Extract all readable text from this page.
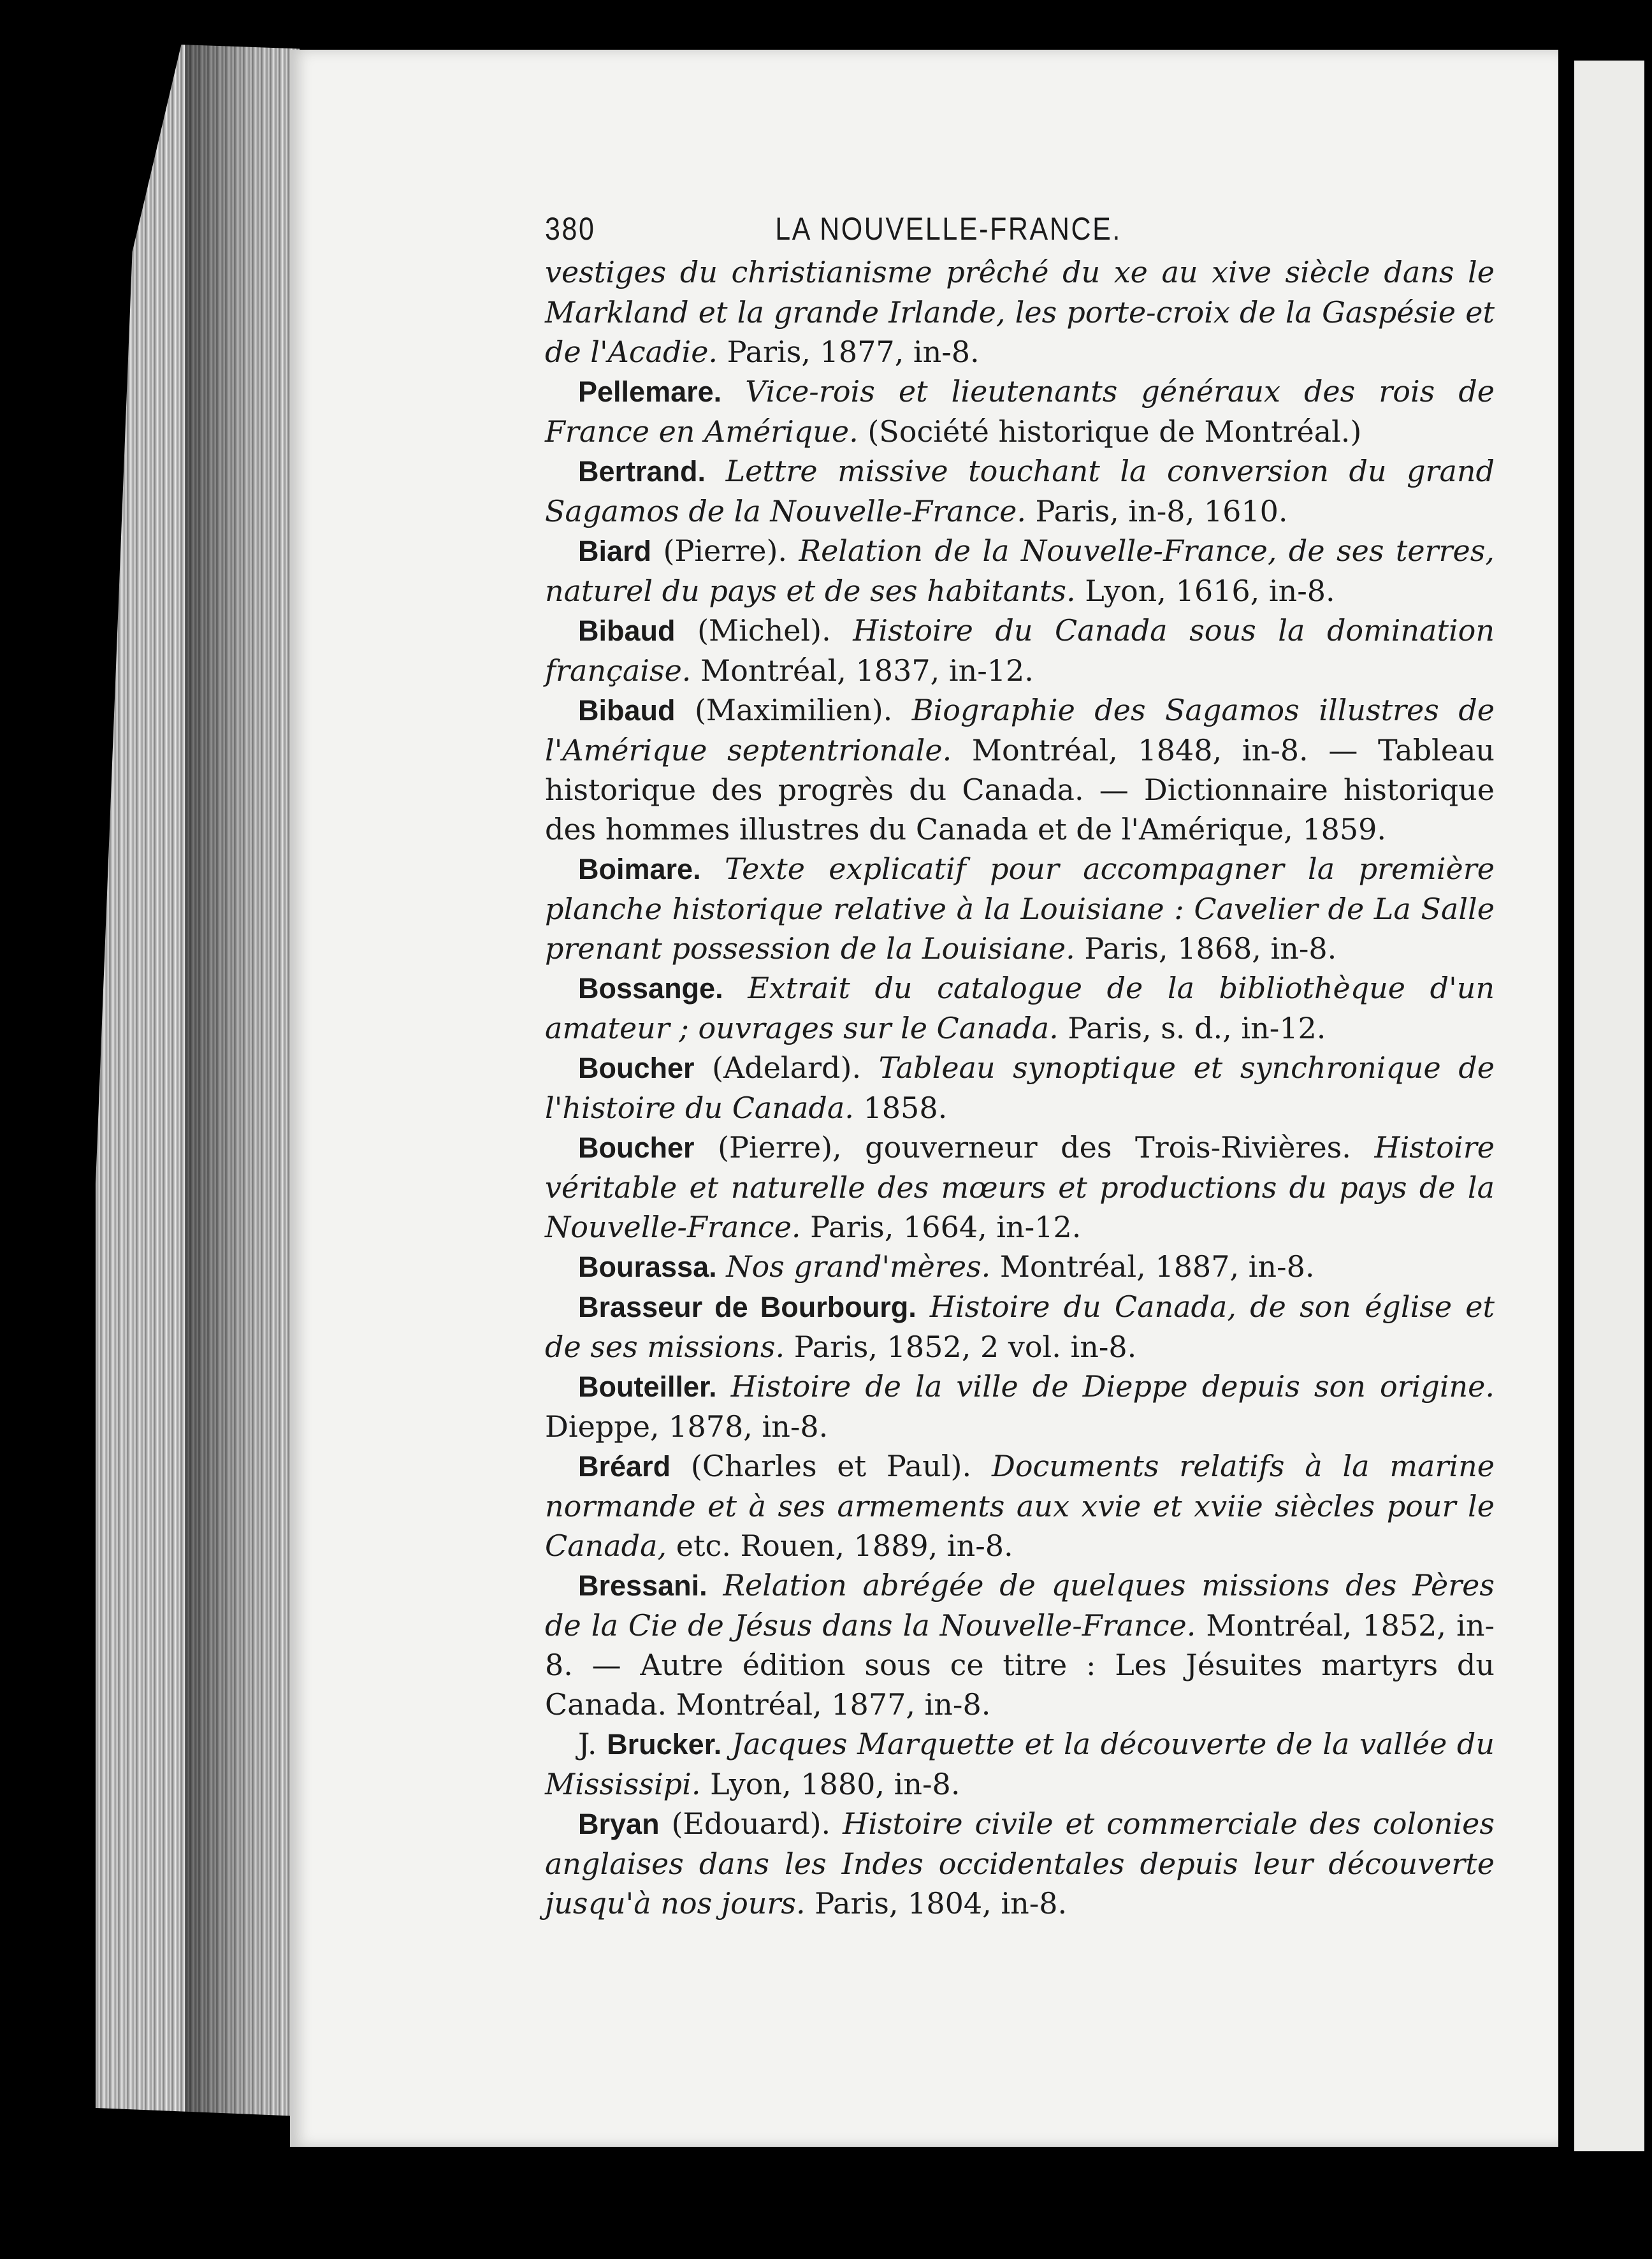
380	LA NOUVELLE-FRANCE.

vestiges du christianisme prêché du xe au xive siècle dans le Markland et la grande Irlande, les porte-croix de la Gaspésie et de l'Acadie. Paris, 1877, in-8.

Pellemare. Vice-rois et lieutenants généraux des rois de France en Amérique. (Société historique de Montréal.)

Bertrand. Lettre missive touchant la conversion du grand Sagamos de la Nouvelle-France. Paris, in-8, 1610.

Biard (Pierre). Relation de la Nouvelle-France, de ses terres, naturel du pays et de ses habitants. Lyon, 1616, in-8.

Bibaud (Michel). Histoire du Canada sous la domination française. Montréal, 1837, in-12.

Bibaud (Maximilien). Biographie des Sagamos illustres de l'Amérique septentrionale. Montréal, 1848, in-8. — Tableau historique des progrès du Canada. — Dictionnaire historique des hommes illustres du Canada et de l'Amérique, 1859.

Boimare. Texte explicatif pour accompagner la première planche historique relative à la Louisiane : Cavelier de La Salle prenant possession de la Louisiane. Paris, 1868, in-8.

Bossange. Extrait du catalogue de la bibliothèque d'un amateur ; ouvrages sur le Canada. Paris, s. d., in-12.

Boucher (Adelard). Tableau synoptique et synchronique de l'histoire du Canada. 1858.

Boucher (Pierre), gouverneur des Trois-Rivières. Histoire véritable et naturelle des mœurs et productions du pays de la Nouvelle-France. Paris, 1664, in-12.

Bourassa. Nos grand'mères. Montréal, 1887, in-8.

Brasseur de Bourbourg. Histoire du Canada, de son église et de ses missions. Paris, 1852, 2 vol. in-8.

Bouteiller. Histoire de la ville de Dieppe depuis son origine. Dieppe, 1878, in-8.

Bréard (Charles et Paul). Documents relatifs à la marine normande et à ses armements aux xvie et xviie siècles pour le Canada, etc. Rouen, 1889, in-8.

Bressani. Relation abrégée de quelques missions des Pères de la Cie de Jésus dans la Nouvelle-France. Montréal, 1852, in-8. — Autre édition sous ce titre : Les Jésuites martyrs du Canada. Montréal, 1877, in-8.

J. Brucker. Jacques Marquette et la découverte de la vallée du Mississipi. Lyon, 1880, in-8.

Bryan (Edouard). Histoire civile et commerciale des colonies anglaises dans les Indes occidentales depuis leur découverte jusqu'à nos jours. Paris, 1804, in-8.
